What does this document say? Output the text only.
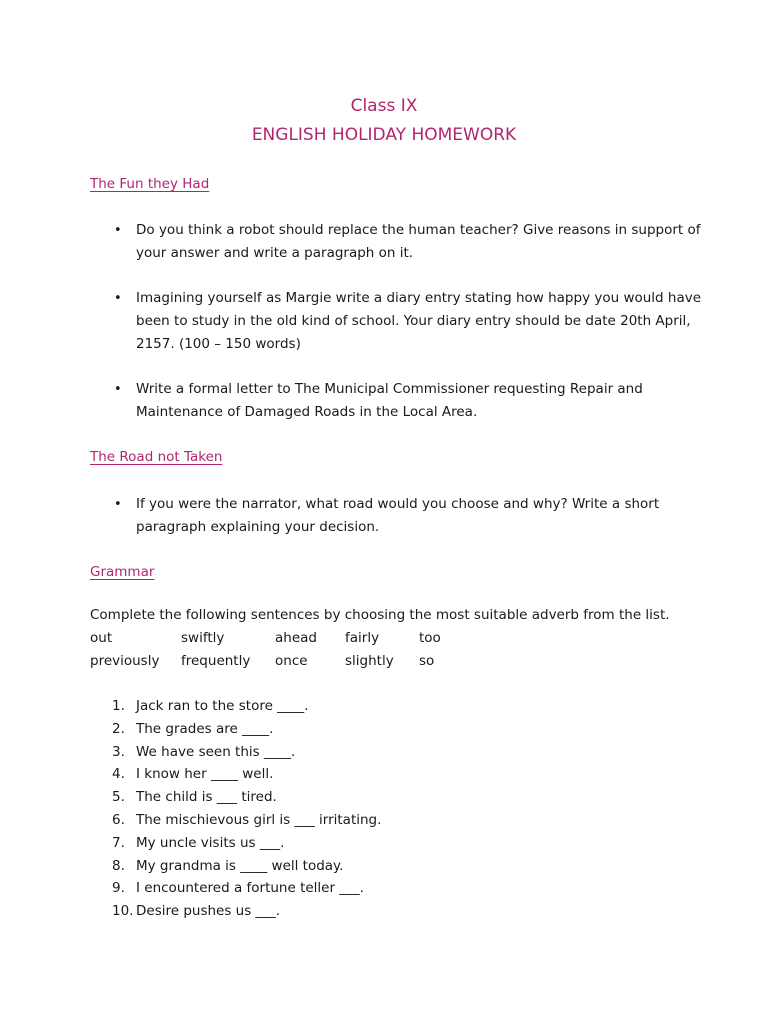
Class IX
ENGLISH HOLIDAY HOMEWORK
The Fun they Had
• Do you think a robot should replace the human teacher? Give reasons in support of
your answer and write a paragraph on it.
• Imagining yourself as Margie write a diary entry stating how happy you would have
been to study in the old kind of school. Your diary entry should be date 20th April,
2157. (100 – 150 words)
• Write a formal letter to The Municipal Commissioner requesting Repair and
Maintenance of Damaged Roads in the Local Area.
The Road not Taken
• If you were the narrator, what road would you choose and why? Write a short
paragraph explaining your decision.
Grammar
Complete the following sentences by choosing the most suitable adverb from the list.
out	swiftly	ahead fairly	too
previously frequently once	slightly so
1. Jack ran to the store ____.
2. The grades are ____.
3. We have seen this ____.
4. I know her ____ well.
5. The child is ___ tired.
6. The mischievous girl is ___ irritating.
7. My uncle visits us ___.
8. My grandma is ____ well today.
9. I encountered a fortune teller ___.
10. Desire pushes us ___.
